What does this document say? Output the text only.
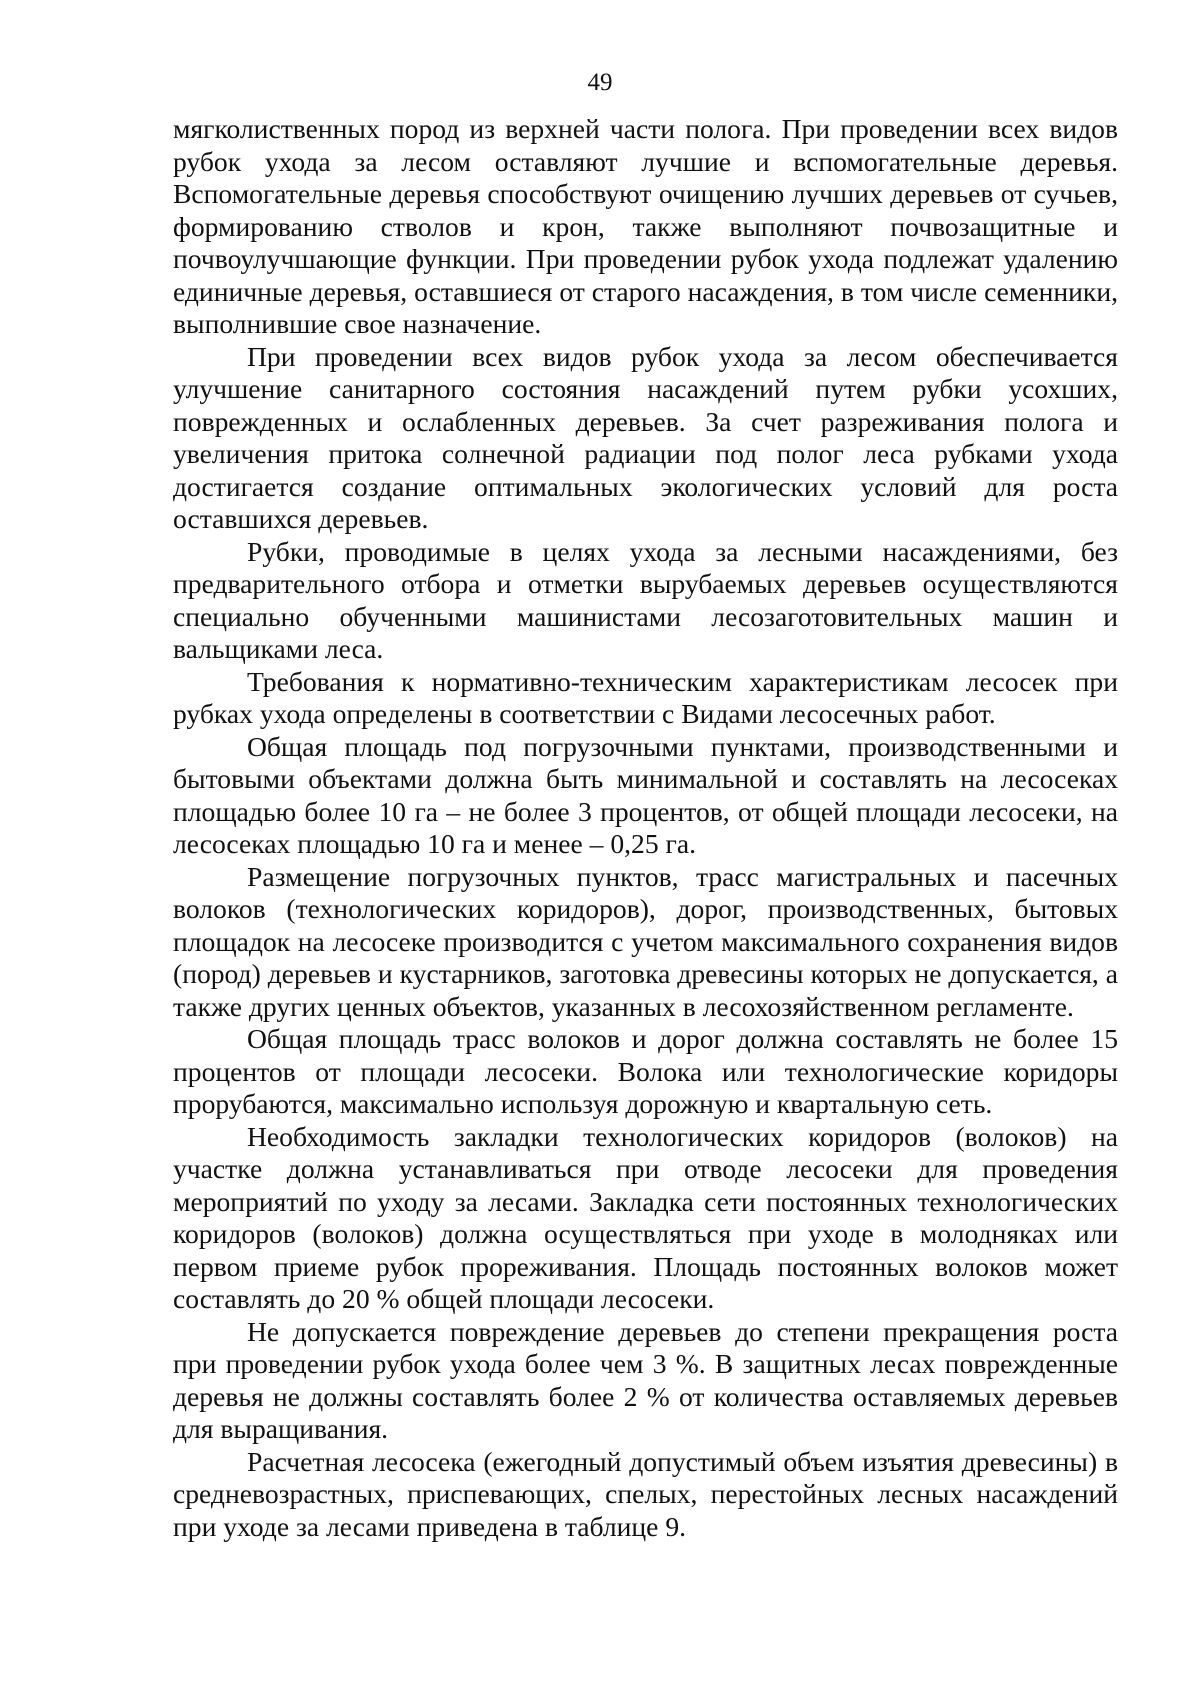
49

мягколиственных пород из верхней части полога. При проведении всех видов рубок ухода за лесом оставляют лучшие и вспомогательные деревья. Вспомогательные деревья способствуют очищению лучших деревьев от сучьев, формированию стволов и крон, также выполняют почвозащитные и почвоулучшающие функции. При проведении рубок ухода подлежат удалению единичные деревья, оставшиеся от старого насаждения, в том числе семенники, выполнившие свое назначение.

При проведении всех видов рубок ухода за лесом обеспечивается улучшение санитарного состояния насаждений путем рубки усохших, поврежденных и ослабленных деревьев. За счет разреживания полога и увеличения притока солнечной радиации под полог леса рубками ухода достигается создание оптимальных экологических условий для роста оставшихся деревьев.

Рубки, проводимые в целях ухода за лесными насаждениями, без предварительного отбора и отметки вырубаемых деревьев осуществляются специально обученными машинистами лесозаготовительных машин и вальщиками леса.

Требования к нормативно-техническим характеристикам лесосек при рубках ухода определены в соответствии с Видами лесосечных работ.

Общая площадь под погрузочными пунктами, производственными и бытовыми объектами должна быть минимальной и составлять на лесосеках площадью более 10 га – не более 3 процентов, от общей площади лесосеки, на лесосеках площадью 10 га и менее – 0,25 га.

Размещение погрузочных пунктов, трасс магистральных и пасечных волоков (технологических коридоров), дорог, производственных, бытовых площадок на лесосеке производится с учетом максимального сохранения видов (пород) деревьев и кустарников, заготовка древесины которых не допускается, а также других ценных объектов, указанных в лесохозяйственном регламенте.

Общая площадь трасс волоков и дорог должна составлять не более 15 процентов от площади лесосеки. Волока или технологические коридоры прорубаются, максимально используя дорожную и квартальную сеть.

Необходимость закладки технологических коридоров (волоков) на участке должна устанавливаться при отводе лесосеки для проведения мероприятий по уходу за лесами. Закладка сети постоянных технологических коридоров (волоков) должна осуществляться при уходе в молодняках или первом приеме рубок прореживания. Площадь постоянных волоков может составлять до 20 % общей площади лесосеки.

Не допускается повреждение деревьев до степени прекращения роста при проведении рубок ухода более чем 3 %. В защитных лесах поврежденные деревья не должны составлять более 2 % от количества оставляемых деревьев для выращивания.

Расчетная лесосека (ежегодный допустимый объем изъятия древесины) в средневозрастных, приспевающих, спелых, перестойных лесных насаждений при уходе за лесами приведена в таблице 9.
